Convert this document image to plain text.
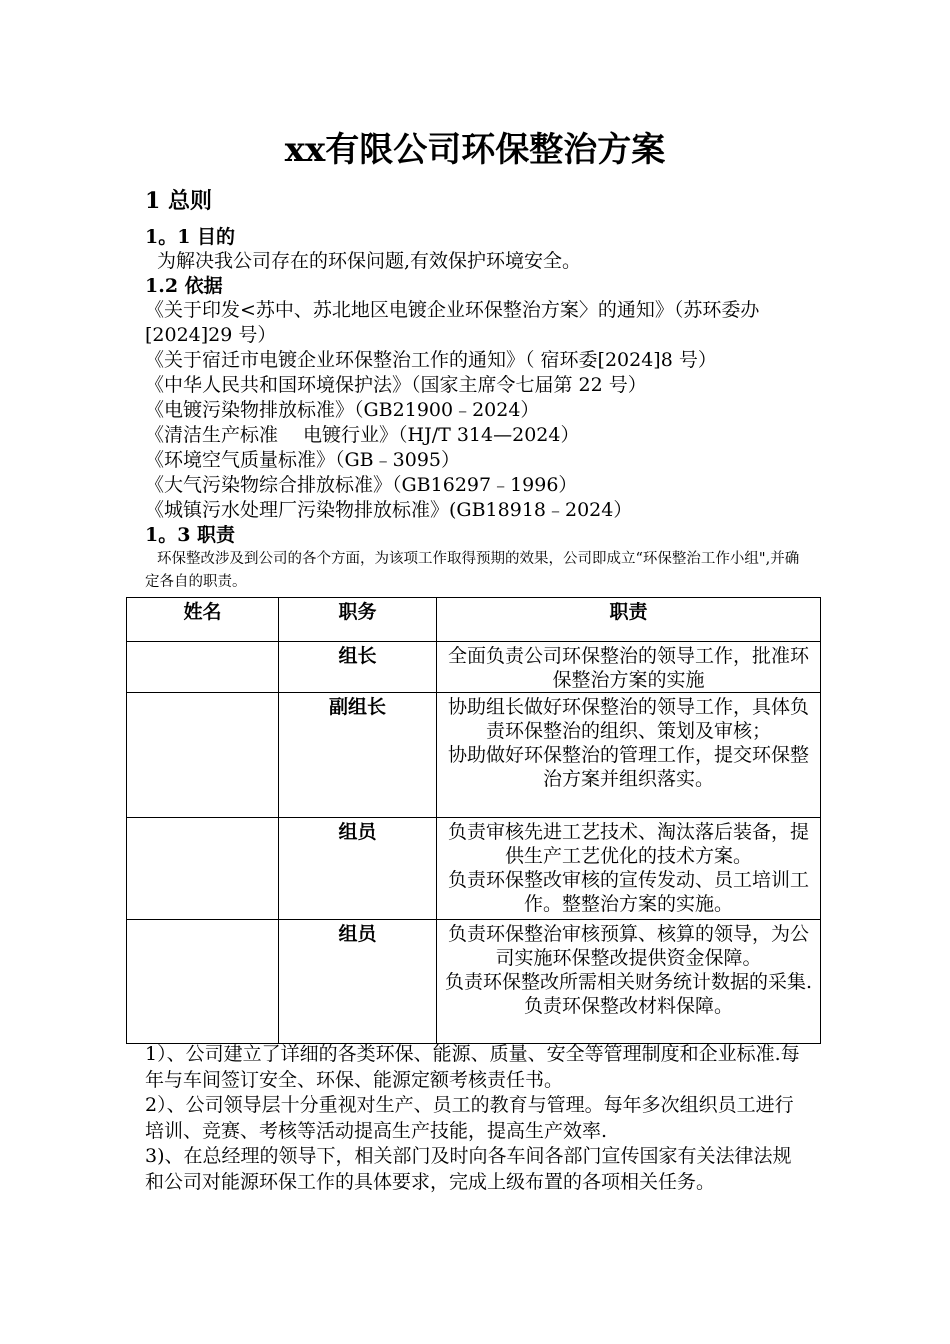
xx有限公司环保整治方案
1 总则
1。1 目的
为解决我公司存在的环保问题,有效保护环境安全。
1.2 依据
《关于印发<苏中、苏北地区电镀企业环保整治方案〉的通知》（苏环委办[2024]29 号）
《关于宿迁市电镀企业环保整治工作的通知》（ 宿环委[2024]8 号）
《中华人民共和国环境保护法》（国家主席令七届第 22 号）
《电镀污染物排放标准》（GB21900﹣2024）
《清洁生产标准　 电镀行业》（HJ/T 314—2024）
《环境空气质量标准》（GB﹣3095）
《大气污染物综合排放标准》（GB16297﹣1996）
《城镇污水处理厂污染物排放标准》(GB18918﹣2024）
1。3 职责
环保整改涉及到公司的各个方面，为该项工作取得预期的效果，公司即成立“环保整治工作小组",并确定各自的职责。
姓名	职务	职责
	组长	全面负责公司环保整治的领导工作，批准环保整治方案的实施
	副组长	协助组长做好环保整治的领导工作，具体负责环保整治的组织、策划及审核；
协助做好环保整治的管理工作，提交环保整治方案并组织落实。
	组员	负责审核先进工艺技术、淘汰落后装备，提供生产工艺优化的技术方案。
负责环保整改审核的宣传发动、员工培训工作。整整治方案的实施。
	组员	负责环保整治审核预算、核算的领导，为公司实施环保整改提供资金保障。
负责环保整改所需相关财务统计数据的采集. 负责环保整改材料保障。
1）、公司建立了详细的各类环保、能源、质量、安全等管理制度和企业标准.每年与车间签订安全、环保、能源定额考核责任书。
2）、公司领导层十分重视对生产、员工的教育与管理。每年多次组织员工进行培训、竞赛、考核等活动提高生产技能，提高生产效率.
3)、在总经理的领导下，相关部门及时向各车间各部门宣传国家有关法律法规和公司对能源环保工作的具体要求，完成上级布置的各项相关任务。
